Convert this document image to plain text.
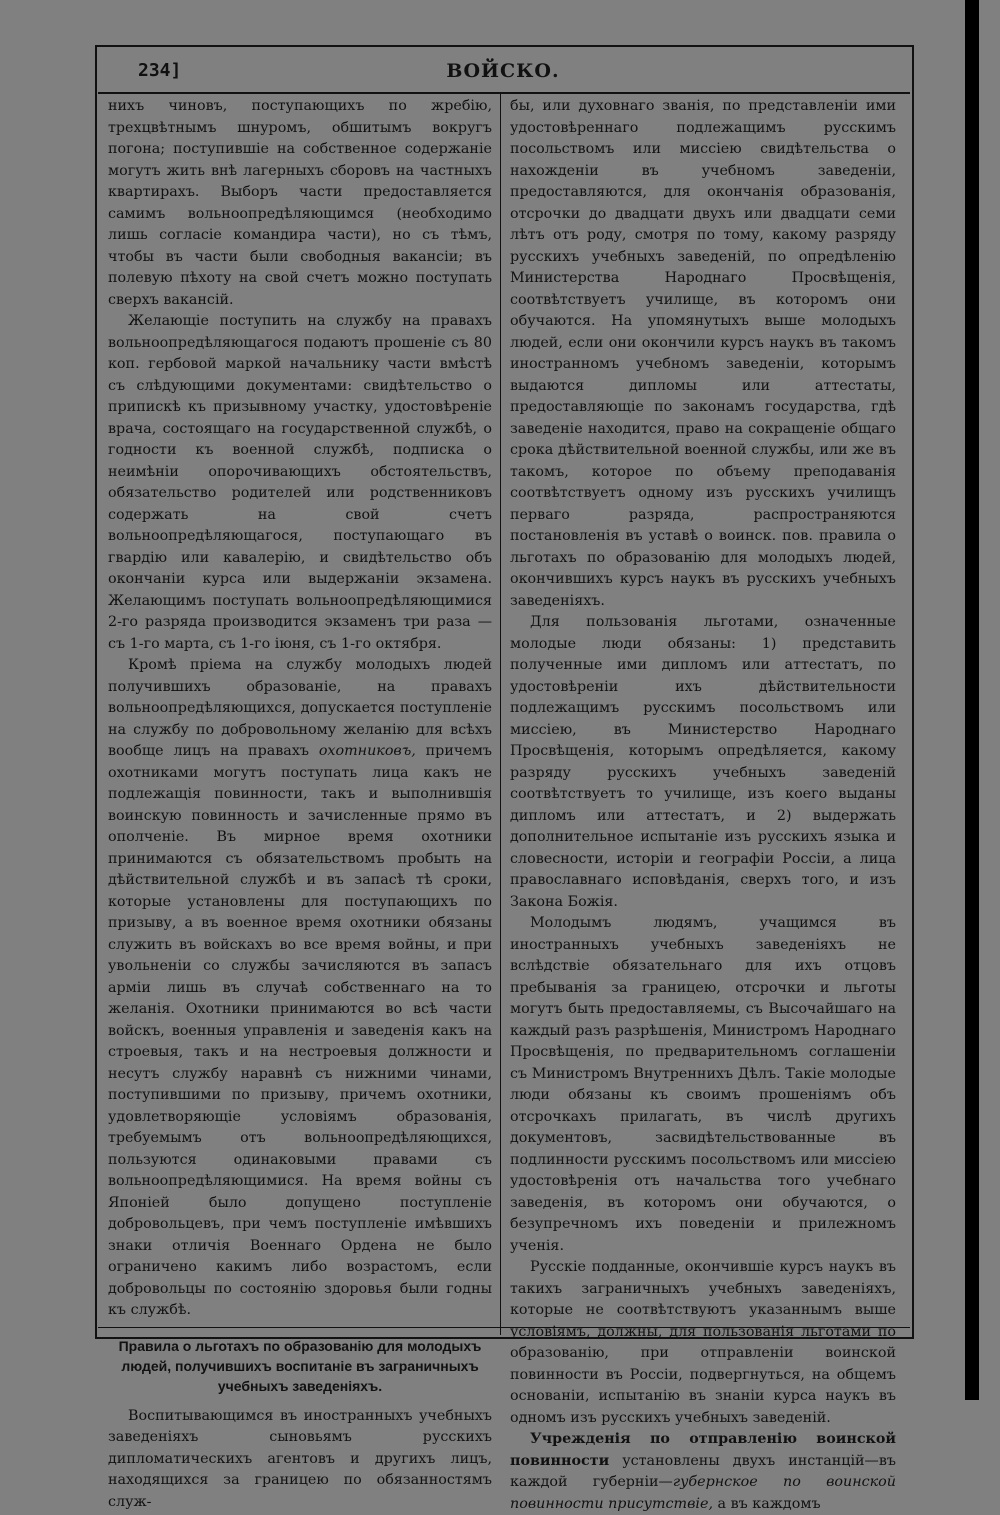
234]	ВОЙСКО.

нихъ чиновъ, поступающихъ по жребію, трехцвѣтнымъ шнуромъ, обшитымъ вокругъ погона; поступившіе на собственное содержаніе могутъ жить внѣ лагерныхъ сборовъ на частныхъ квартирахъ. Выборъ части предоставляется самимъ вольноопредѣляющимся (необходимо лишь согласіе командира части), но съ тѣмъ, чтобы въ части были свободныя вакансіи; въ полевую пѣхоту на свой счетъ можно поступать сверхъ вакансій.

Желающіе поступить на службу на правахъ вольноопредѣляющагося подаютъ прошеніе съ 80 коп. гербовой маркой начальнику части вмѣстѣ съ слѣдующими документами: свидѣтельство о припискѣ къ призывному участку, удостовѣреніе врача, состоящаго на государственной службѣ, о годности къ военной службѣ, подписка о неимѣніи опорочивающихъ обстоятельствъ, обязательство родителей или родственниковъ содержать на свой счетъ вольноопредѣляющагося, поступающаго въ гвардію или кавалерію, и свидѣтельство объ окончаніи курса или выдержаніи экзамена. Желающимъ поступать вольноопредѣляющимися 2-го разряда производится экзаменъ три раза — съ 1-го марта, съ 1-го іюня, съ 1-го октября.

Кромѣ пріема на службу молодыхъ людей получившихъ образованіе, на правахъ вольноопредѣляющихся, допускается поступленіе на службу по добровольному желанію для всѣхъ вообще лицъ на правахъ охотниковъ, причемъ охотниками могутъ поступать лица какъ не подлежащія повинности, такъ и выполнившія воинскую повинность и зачисленные прямо въ ополченіе. Въ мирное время охотники принимаются съ обязательствомъ пробыть на дѣйствительной службѣ и въ запасѣ тѣ сроки, которые установлены для поступающихъ по призыву, а въ военное время охотники обязаны служить въ войскахъ во все время войны, и при увольненіи со службы зачисляются въ запасъ арміи лишь въ случаѣ собственнаго на то желанія. Охотники принимаются во всѣ части войскъ, военныя управленія и заведенія какъ на строевыя, такъ и на нестроевыя должности и несутъ службу наравнѣ съ нижними чинами, поступившими по призыву, причемъ охотники, удовлетворяющіе условіямъ образованія, требуемымъ отъ вольноопредѣляющихся, пользуются одинаковыми правами съ вольноопредѣляющимися. На время войны съ Японіей было допущено поступленіе добровольцевъ, при чемъ поступленіе имѣвшихъ знаки отличія Военнаго Ордена не было ограничено какимъ либо возрастомъ, если добровольцы по состоянію здоровья были годны къ службѣ.

Правила о льготахъ по образованію для молодыхъ людей, получившихъ воспитаніе въ заграничныхъ учебныхъ заведеніяхъ.

Воспитывающимся въ иностранныхъ учебныхъ заведеніяхъ сыновьямъ русскихъ дипломатическихъ агентовъ и другихъ лицъ, находящихся за границею по обязанностямъ служ-

бы, или духовнаго званія, по представленіи ими удостовѣреннаго подлежащимъ русскимъ посольствомъ или миссіею свидѣтельства о нахожденіи въ учебномъ заведеніи, предоставляются, для окончанія образованія, отсрочки до двадцати двухъ или двадцати семи лѣтъ отъ роду, смотря по тому, какому разряду русскихъ учебныхъ заведеній, по опредѣленію Министерства Народнаго Просвѣщенія, соотвѣтствуетъ училище, въ которомъ они обучаются. На упомянутыхъ выше молодыхъ людей, если они окончили курсъ наукъ въ такомъ иностранномъ учебномъ заведеніи, которымъ выдаются дипломы или аттестаты, предоставляющіе по законамъ государства, гдѣ заведеніе находится, право на сокращеніе общаго срока дѣйствительной военной службы, или же въ такомъ, которое по объему преподаванія соотвѣтствуетъ одному изъ русскихъ училищъ перваго разряда, распространяются постановленія въ уставѣ о воинск. пов. правила о льготахъ по образованію для молодыхъ людей, окончившихъ курсъ наукъ въ русскихъ учебныхъ заведеніяхъ.

Для пользованія льготами, означенные молодые люди обязаны: 1) представить полученные ими дипломъ или аттестатъ, по удостовѣреніи ихъ дѣйствительности подлежащимъ русскимъ посольствомъ или миссіею, въ Министерство Народнаго Просвѣщенія, которымъ опредѣляется, какому разряду русскихъ учебныхъ заведеній соотвѣтствуетъ то училище, изъ коего выданы дипломъ или аттестатъ, и 2) выдержать дополнительное испытаніе изъ русскихъ языка и словесности, исторіи и географіи Россіи, а лица православнаго исповѣданія, сверхъ того, и изъ Закона Божія.

Молодымъ людямъ, учащимся въ иностранныхъ учебныхъ заведеніяхъ не вслѣдствіе обязательнаго для ихъ отцовъ пребыванія за границею, отсрочки и льготы могутъ быть предоставляемы, съ Высочайшаго на каждый разъ разрѣшенія, Министромъ Народнаго Просвѣщенія, по предварительномъ соглашеніи съ Министромъ Внутреннихъ Дѣлъ. Такіе молодые люди обязаны къ своимъ прошеніямъ объ отсрочкахъ прилагать, въ числѣ другихъ документовъ, засвидѣтельствованные въ подлинности русскимъ посольствомъ или миссіею удостовѣренія отъ начальства того учебнаго заведенія, въ которомъ они обучаются, о безупречномъ ихъ поведеніи и прилежномъ ученія.

Русскіе подданные, окончившіе курсъ наукъ въ такихъ заграничныхъ учебныхъ заведеніяхъ, которые не соотвѣтствуютъ указаннымъ выше условіямъ, должны, для пользованія льготами по образованію, при отправленіи воинской повинности въ Россіи, подвергнуться, на общемъ основаніи, испытанію въ знаніи курса наукъ въ одномъ изъ русскихъ учебныхъ заведеній.

Учрежденія по отправленію воинской повинности установлены двухъ инстанцій—въ каждой губерніи—губернское по воинской повинности присутствіе, а въ каждомъ
